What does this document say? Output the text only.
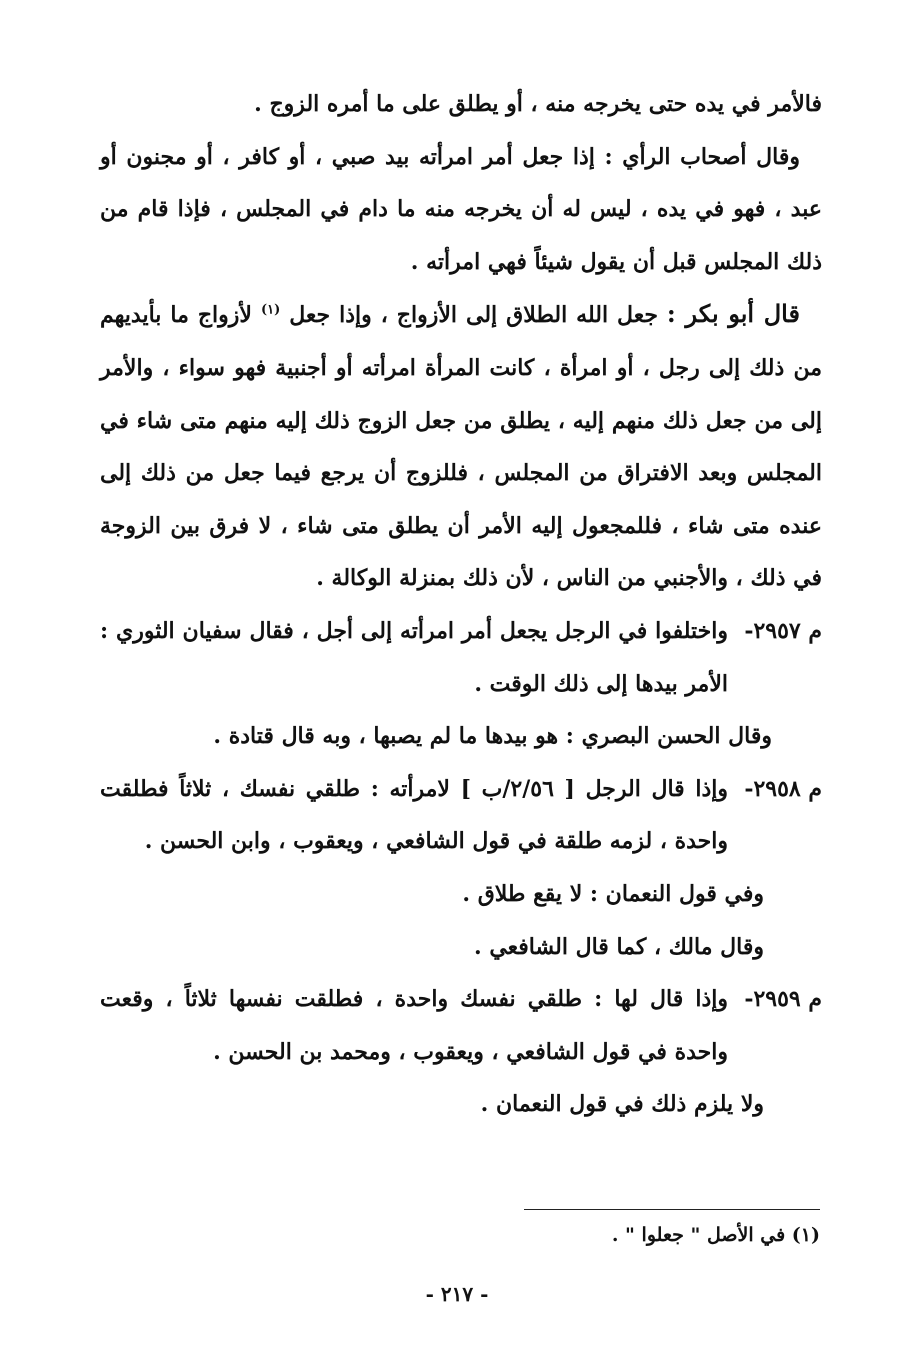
فالأمر في يده حتى يخرجه منه ، أو يطلق على ما أمره الزوج .

وقال أصحاب الرأي : إذا جعل أمر امرأته بيد صبي ، أو كافر ، أو مجنون أو عبد ، فهو في يده ، ليس له أن يخرجه منه ما دام في المجلس ، فإذا قام من ذلك المجلس قبل أن يقول شيئاً فهي امرأته .

قال أبو بكر : جعل الله الطلاق إلى الأزواج ، وإذا جعل $^{(١)}$ لأزواج ما بأيديهم من ذلك إلى رجل ، أو امرأة ، كانت المرأة امرأته أو أجنبية فهو سواء ، والأمر إلى من جعل ذلك منهم إليه ، يطلق من جعل الزوج ذلك إليه منهم متى شاء في المجلس وبعد الافتراق من المجلس ، فللزوج أن يرجع فيما جعل من ذلك إلى عنده متى شاء ، فللمجعول إليه الأمر أن يطلق متى شاء ، لا فرق بين الزوجة في ذلك ، والأجنبي من الناس ، لأن ذلك بمنزلة الوكالة .

م ٢٩٥٧-واختلفوا في الرجل يجعل أمر امرأته إلى أجل ، فقال سفيان الثوري : الأمر بيدها إلى ذلك الوقت .

وقال الحسن البصري : هو بيدها ما لم يصبها ، وبه قال قتادة .

م ٢٩٥٨-وإذا قال الرجل [ ٢/٥٦/ب ] لامرأته : طلقي نفسك ، ثلاثاً فطلقت واحدة ، لزمه طلقة في قول الشافعي ، ويعقوب ، وابن الحسن .

وفي قول النعمان : لا يقع طلاق .

وقال مالك ، كما قال الشافعي .

م ٢٩٥٩-وإذا قال لها : طلقي نفسك واحدة ، فطلقت نفسها ثلاثاً ، وقعت واحدة في قول الشافعي ، ويعقوب ، ومحمد بن الحسن .

ولا يلزم ذلك في قول النعمان .

(١) في الأصل " جعلوا " .
- ٢١٧ -
